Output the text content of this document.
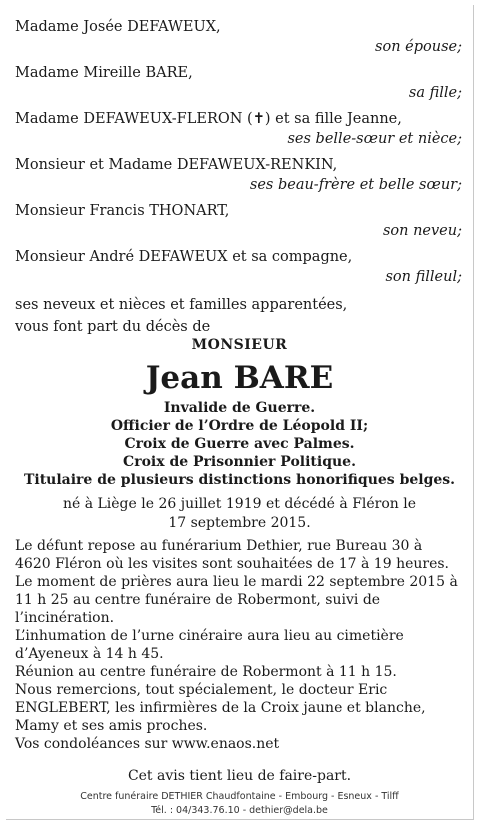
Madame Josée DEFAWEUX,
son épouse;
Madame Mireille BARE,
sa fille;
Madame DEFAWEUX-FLERON (✝) et sa fille Jeanne,
ses belle-sœur et nièce;
Monsieur et Madame DEFAWEUX-RENKIN,
ses beau-frère et belle sœur;
Monsieur Francis THONART,
son neveu;
Monsieur André DEFAWEUX et sa compagne,
son filleul;
ses neveux et nièces et familles apparentées,
vous font part du décès de
MONSIEUR
Jean BARE
Invalide de Guerre.
Officier de l’Ordre de Léopold II;
Croix de Guerre avec Palmes.
Croix de Prisonnier Politique.
Titulaire de plusieurs distinctions honorifiques belges.
né à Liège le 26 juillet 1919 et décédé à Fléron le
17 septembre 2015.

Le défunt repose au funérarium Dethier, rue Bureau 30 à 4620 Fléron où les visites sont souhaitées de 17 à 19 heures.

Le moment de prières aura lieu le mardi 22 septembre 2015 à 11 h 25 au centre funéraire de Robermont, suivi de l’incinération.

L’inhumation de l’urne cinéraire aura lieu au cimetière d’Ayeneux à 14 h 45.

Réunion au centre funéraire de Robermont à 11 h 15.

Nous remercions, tout spécialement, le docteur Eric ENGLEBERT, les infirmières de la Croix jaune et blanche, Mamy et ses amis proches.

Vos condoléances sur www.enaos.net

Cet avis tient lieu de faire-part.
Centre funéraire DETHIER Chaudfontaine - Embourg - Esneux - Tilff
Tél. : 04/343.76.10 - dethier@dela.be
